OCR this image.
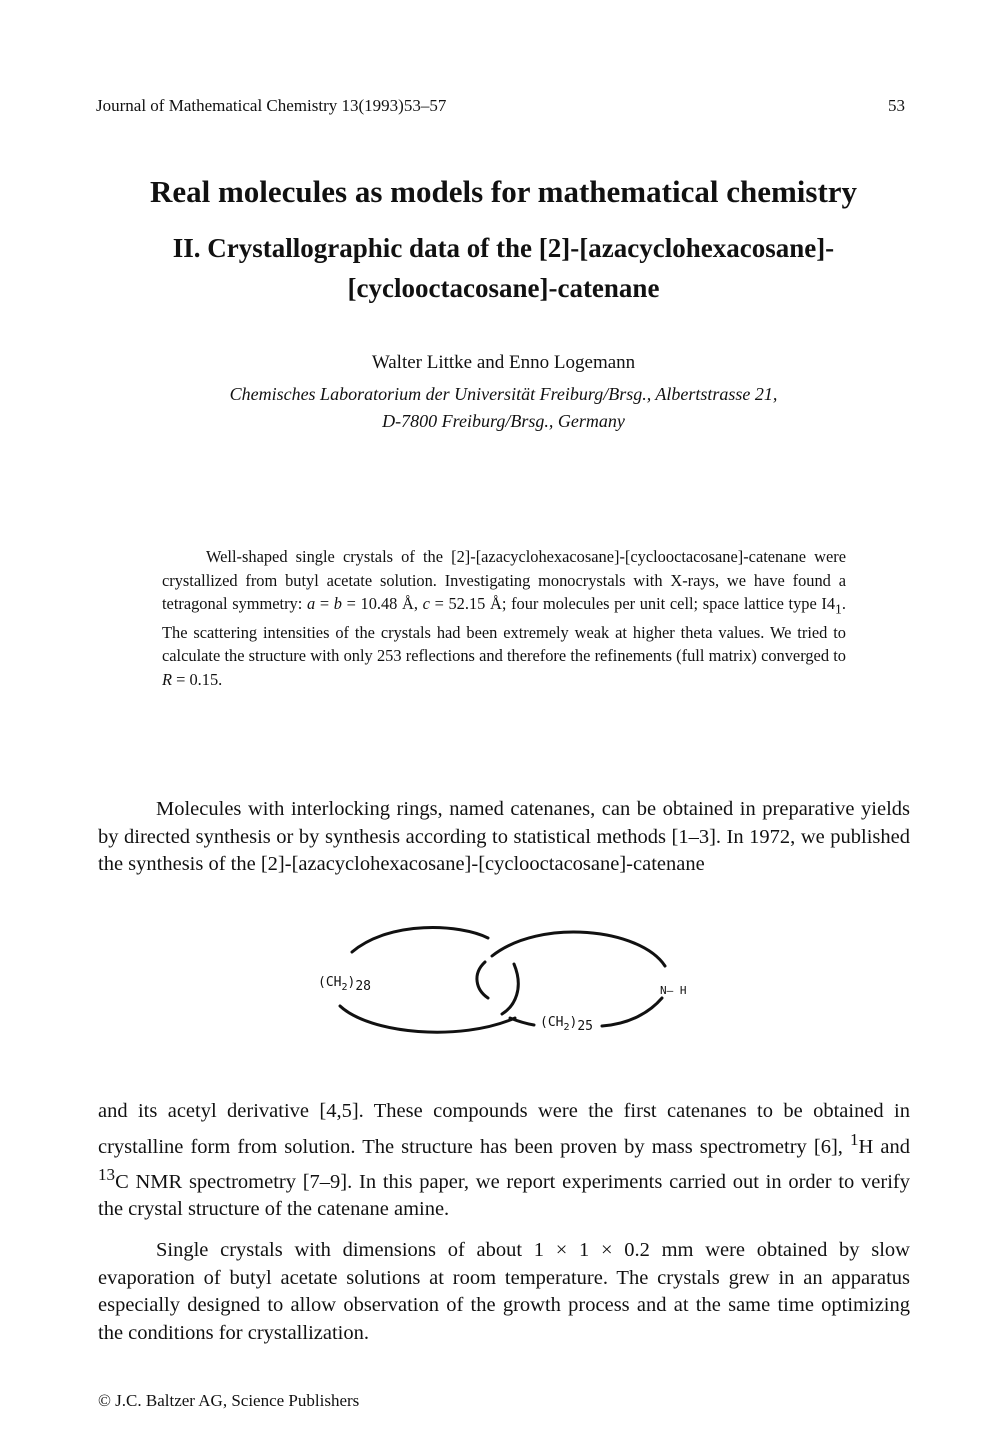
Journal of Mathematical Chemistry 13(1993)53–57	53
Real molecules as models for mathematical chemistry
II. Crystallographic data of the [2]-[azacyclohexacosane]-
[cyclooctacosane]-catenane
Walter Littke and Enno Logemann
Chemisches Laboratorium der Universität Freiburg/Brsg., Albertstrasse 21,
D-7800 Freiburg/Brsg., Germany
Well-shaped single crystals of the [2]-[azacyclohexacosane]-[cyclooctacosane]-catenane were crystallized from butyl acetate solution. Investigating monocrystals with X-rays, we have found a tetragonal symmetry: a = b = 10.48 Å, c = 52.15 Å; four molecules per unit cell; space lattice type $I4_1$. The scattering intensities of the crystals had been extremely weak at higher theta values. We tried to calculate the structure with only 253 reflections and therefore the refinements (full matrix) converged to R = 0.15.
Molecules with interlocking rings, named catenanes, can be obtained in preparative yields by directed synthesis or by synthesis according to statistical methods [1–3]. In 1972, we published the synthesis of the [2]-[azacyclohexacosane]-[cyclooctacosane]-catenane
$(CH_2)28$
$(CH_2)25$
N— H
and its acetyl derivative [4,5]. These compounds were the first catenanes to be obtained in crystalline form from solution. The structure has been proven by mass spectrometry [6], $^1$H and $^{13}$C NMR spectrometry [7–9]. In this paper, we report experiments carried out in order to verify the crystal structure of the catenane amine.
Single crystals with dimensions of about 1 × 1 × 0.2 mm were obtained by slow evaporation of butyl acetate solutions at room temperature. The crystals grew in an apparatus especially designed to allow observation of the growth process and at the same time optimizing the conditions for crystallization.
© J.C. Baltzer AG, Science Publishers
